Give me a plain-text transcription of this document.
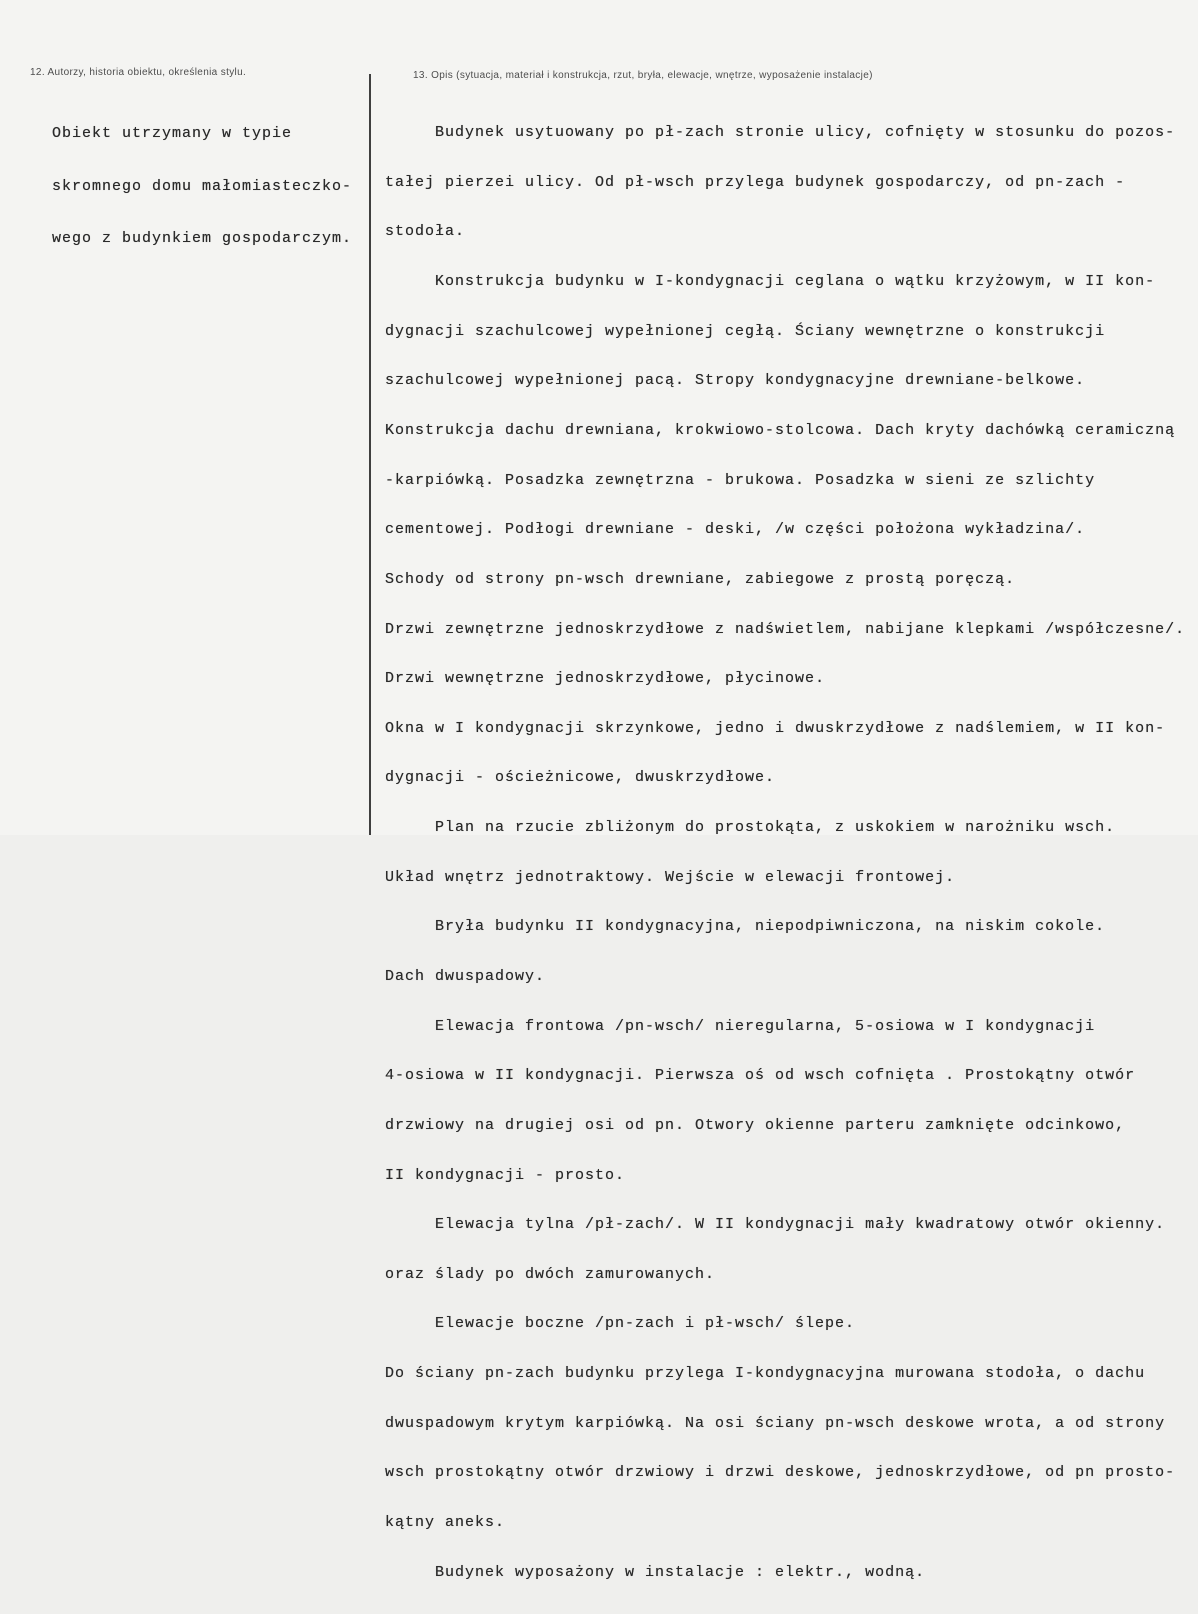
12. Autorzy, historia obiektu, określenia stylu.	13. Opis (sytuacja, materiał i konstrukcja, rzut, bryła, elewacje, wnętrze, wyposażenie instalacje)

Obiekt utrzymany w typie

skromnego domu małomiasteczko-

wego z budynkiem gospodarczym.

Budynek usytuowany po pł-zach stronie ulicy, cofnięty w stosunku do pozos-

tałej pierzei ulicy. Od pł-wsch przylega budynek gospodarczy, od pn-zach -

stodoła.

Konstrukcja budynku w I-kondygnacji ceglana o wątku krzyżowym, w II kon-

dygnacji szachulcowej wypełnionej cegłą. Ściany wewnętrzne o konstrukcji

szachulcowej wypełnionej pacą. Stropy kondygnacyjne drewniane-belkowe.

Konstrukcja dachu drewniana, krokwiowo-stolcowa. Dach kryty dachówką ceramiczną

-karpiówką. Posadzka zewnętrzna - brukowa. Posadzka w sieni ze szlichty

cementowej. Podłogi drewniane - deski, /w części położona wykładzina/.

Schody od strony pn-wsch drewniane, zabiegowe z prostą poręczą.

Drzwi zewnętrzne jednoskrzydłowe z nadświetlem, nabijane klepkami /współczesne/.

Drzwi wewnętrzne jednoskrzydłowe, płycinowe.

Okna w I kondygnacji skrzynkowe, jedno i dwuskrzydłowe z nadślemiem, w II kon-

dygnacji - ościeżnicowe, dwuskrzydłowe.

Plan na rzucie zbliżonym do prostokąta, z uskokiem w narożniku wsch.

Układ wnętrz jednotraktowy. Wejście w elewacji frontowej.

Bryła budynku II kondygnacyjna, niepodpiwniczona, na niskim cokole.

Dach dwuspadowy.

Elewacja frontowa /pn-wsch/ nieregularna, 5-osiowa w I kondygnacji

4-osiowa w II kondygnacji. Pierwsza oś od wsch cofnięta . Prostokątny otwór

drzwiowy na drugiej osi od pn. Otwory okienne parteru zamknięte odcinkowo,

II kondygnacji - prosto.

Elewacja tylna /pł-zach/. W II kondygnacji mały kwadratowy otwór okienny.

oraz ślady po dwóch zamurowanych.

Elewacje boczne /pn-zach i pł-wsch/ ślepe.

Do ściany pn-zach budynku przylega I-kondygnacyjna murowana stodoła, o dachu

dwuspadowym krytym karpiówką. Na osi ściany pn-wsch deskowe wrota, a od strony

wsch prostokątny otwór drzwiowy i drzwi deskowe, jednoskrzydłowe, od pn prosto-

kątny aneks.

Budynek wyposażony w instalacje : elektr., wodną.
